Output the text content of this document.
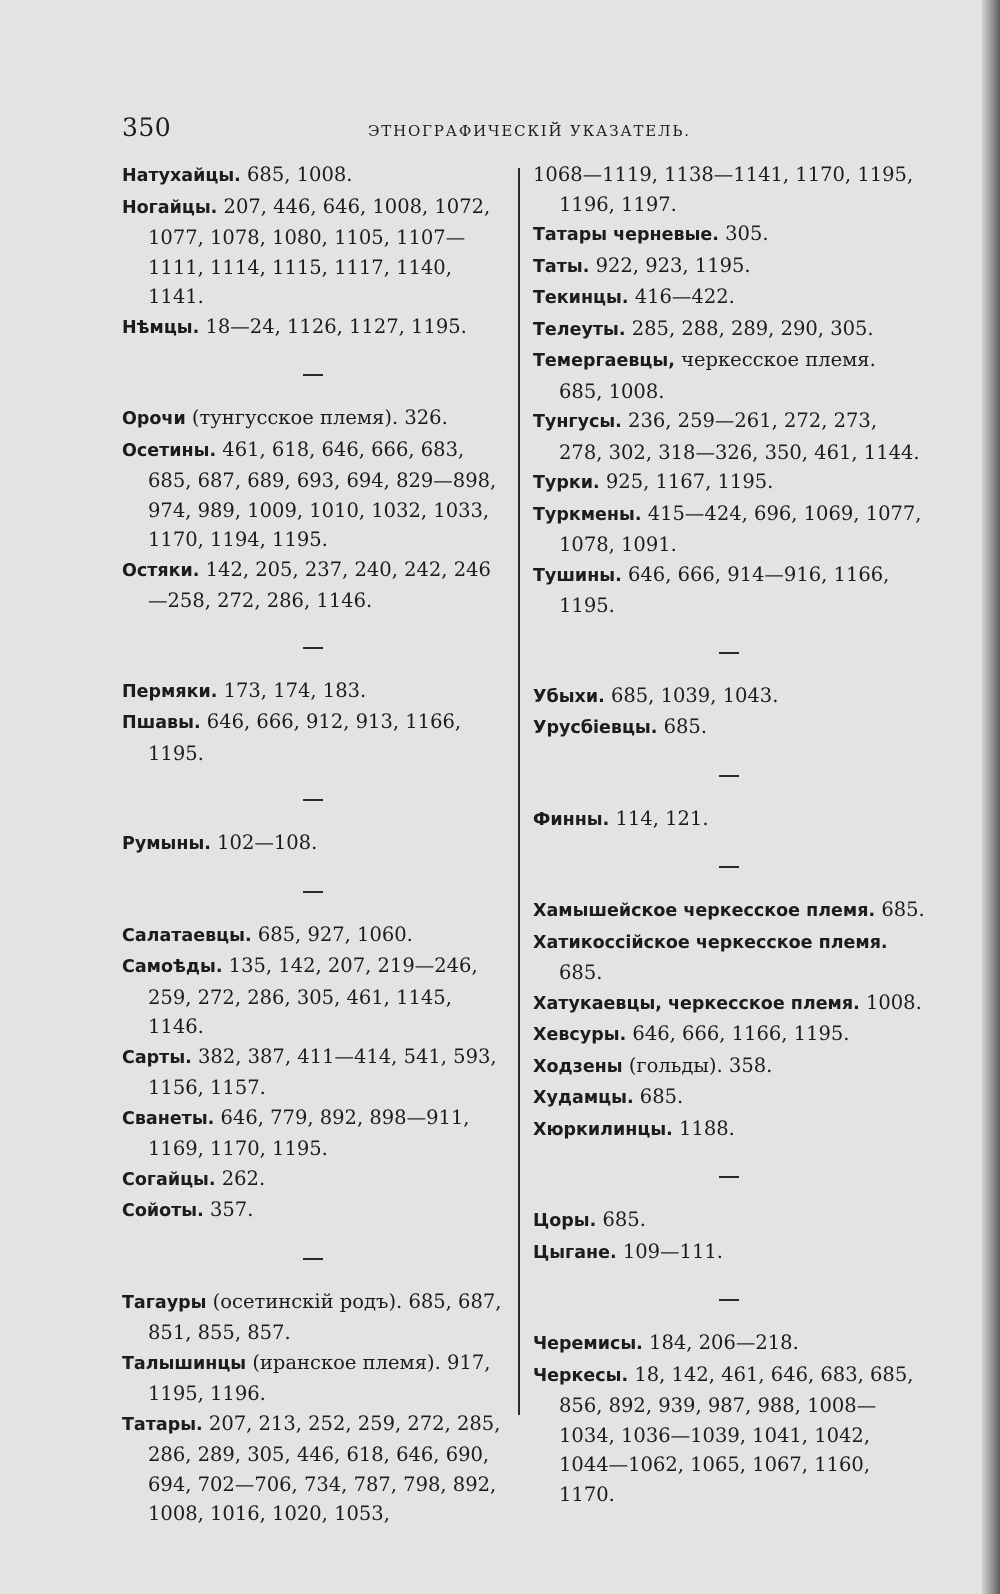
350	ЭТНОГРАФИЧЕСКІЙ УКАЗАТЕЛЬ.
Натухайцы. 685, 1008.
Ногайцы. 207, 446, 646, 1008, 1072, 1077, 1078, 1080, 1105, 1107—1111, 1114, 1115, 1117, 1140, 1141.
Нѣмцы. 18—24, 1126, 1127, 1195.
Орочи (тунгусское племя). 326.
Осетины. 461, 618, 646, 666, 683, 685, 687, 689, 693, 694, 829—898, 974, 989, 1009, 1010, 1032, 1033, 1170, 1194, 1195.
Остяки. 142, 205, 237, 240, 242, 246—258, 272, 286, 1146.
Пермяки. 173, 174, 183.
Пшавы. 646, 666, 912, 913, 1166, 1195.
Румыны. 102—108.
Салатаевцы. 685, 927, 1060.
Самоѣды. 135, 142, 207, 219—246, 259, 272, 286, 305, 461, 1145, 1146.
Сарты. 382, 387, 411—414, 541, 593, 1156, 1157.
Сванеты. 646, 779, 892, 898—911, 1169, 1170, 1195.
Согайцы. 262.
Сойоты. 357.
Тагауры (осетинскій родъ). 685, 687, 851, 855, 857.
Талышинцы (иранское племя). 917, 1195, 1196.
Татары. 207, 213, 252, 259, 272, 285, 286, 289, 305, 446, 618, 646, 690, 694, 702—706, 734, 787, 798, 892, 1008, 1016, 1020, 1053,
1068—1119, 1138—1141, 1170, 1195, 1196, 1197.
Татары черневые. 305.
Таты. 922, 923, 1195.
Текинцы. 416—422.
Телеуты. 285, 288, 289, 290, 305.
Темергаевцы, черкесское племя. 685, 1008.
Тунгусы. 236, 259—261, 272, 273, 278, 302, 318—326, 350, 461, 1144.
Турки. 925, 1167, 1195.
Туркмены. 415—424, 696, 1069, 1077, 1078, 1091.
Тушины. 646, 666, 914—916, 1166, 1195.
Убыхи. 685, 1039, 1043.
Урусбіевцы. 685.
Финны. 114, 121.
Хамышейское черкесское племя. 685.
Хатикоссійское черкесское племя. 685.
Хатукаевцы, черкесское племя. 1008.
Хевсуры. 646, 666, 1166, 1195.
Ходзены (гольды). 358.
Худамцы. 685.
Хюркилинцы. 1188.
Цоры. 685.
Цыгане. 109—111.
Черемисы. 184, 206—218.
Черкесы. 18, 142, 461, 646, 683, 685, 856, 892, 939, 987, 988, 1008—1034, 1036—1039, 1041, 1042, 1044—1062, 1065, 1067, 1160, 1170.
